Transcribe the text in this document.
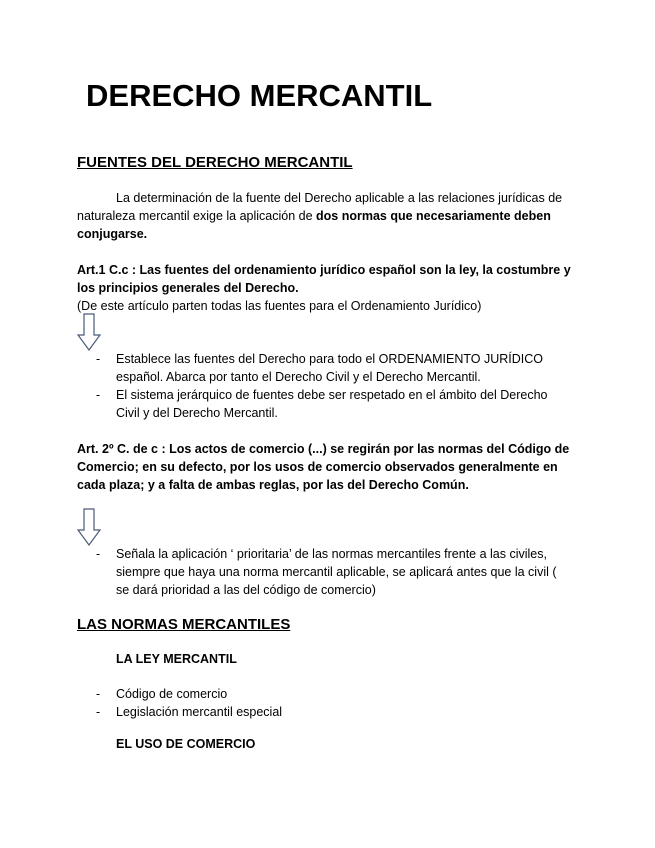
DERECHO MERCANTIL
FUENTES DEL DERECHO MERCANTIL
La determinación de la fuente del Derecho aplicable a las relaciones jurídicas de naturaleza mercantil exige la aplicación de dos normas que necesariamente deben conjugarse.
Art.1 C.c : Las fuentes del ordenamiento jurídico español son la ley, la costumbre y los principios generales del Derecho.
(De este artículo parten todas las fuentes para el Ordenamiento Jurídico)
- Establece las fuentes del Derecho para todo el ORDENAMIENTO JURÍDICO español. Abarca por tanto el Derecho Civil y el Derecho Mercantil.
- El sistema jerárquico de fuentes debe ser respetado en el ámbito del Derecho Civil y del Derecho Mercantil.
Art. 2º C. de c : Los actos de comercio (...) se regirán por las normas del Código de Comercio; en su defecto, por los usos de comercio observados generalmente en cada plaza; y a falta de ambas reglas, por las del Derecho Común.
- Señala la aplicación ‘ prioritaria’ de las normas mercantiles frente a las civiles, siempre que haya una norma mercantil aplicable, se aplicará antes que la civil ( se dará prioridad a las del código de comercio)
LAS NORMAS MERCANTILES
LA LEY MERCANTIL
- Código de comercio
- Legislación mercantil especial
EL USO DE COMERCIO
